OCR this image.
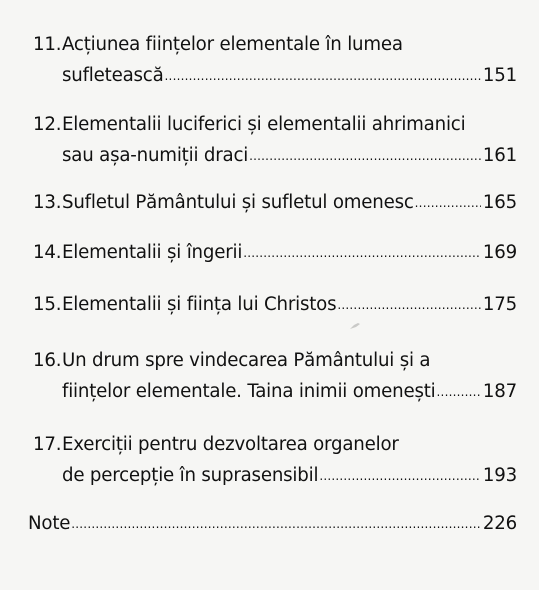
11. Acțiunea ființelor elementale în lumea
sufletească .....	151
12. Elementalii luciferici și elementalii ahrimanici
sau așa-numiții draci .....	161
13. Sufletul Pământului și sufletul omenesc .....	165
14. Elementalii și îngerii .....	169
15. Elementalii și ființa lui Christos .....	175
16. Un drum spre vindecarea Pământului și a
ființelor elementale. Taina inimii omenești .....	187
17. Exerciții pentru dezvoltarea organelor
de percepție în suprasensibil .....	193
Note .....	226
